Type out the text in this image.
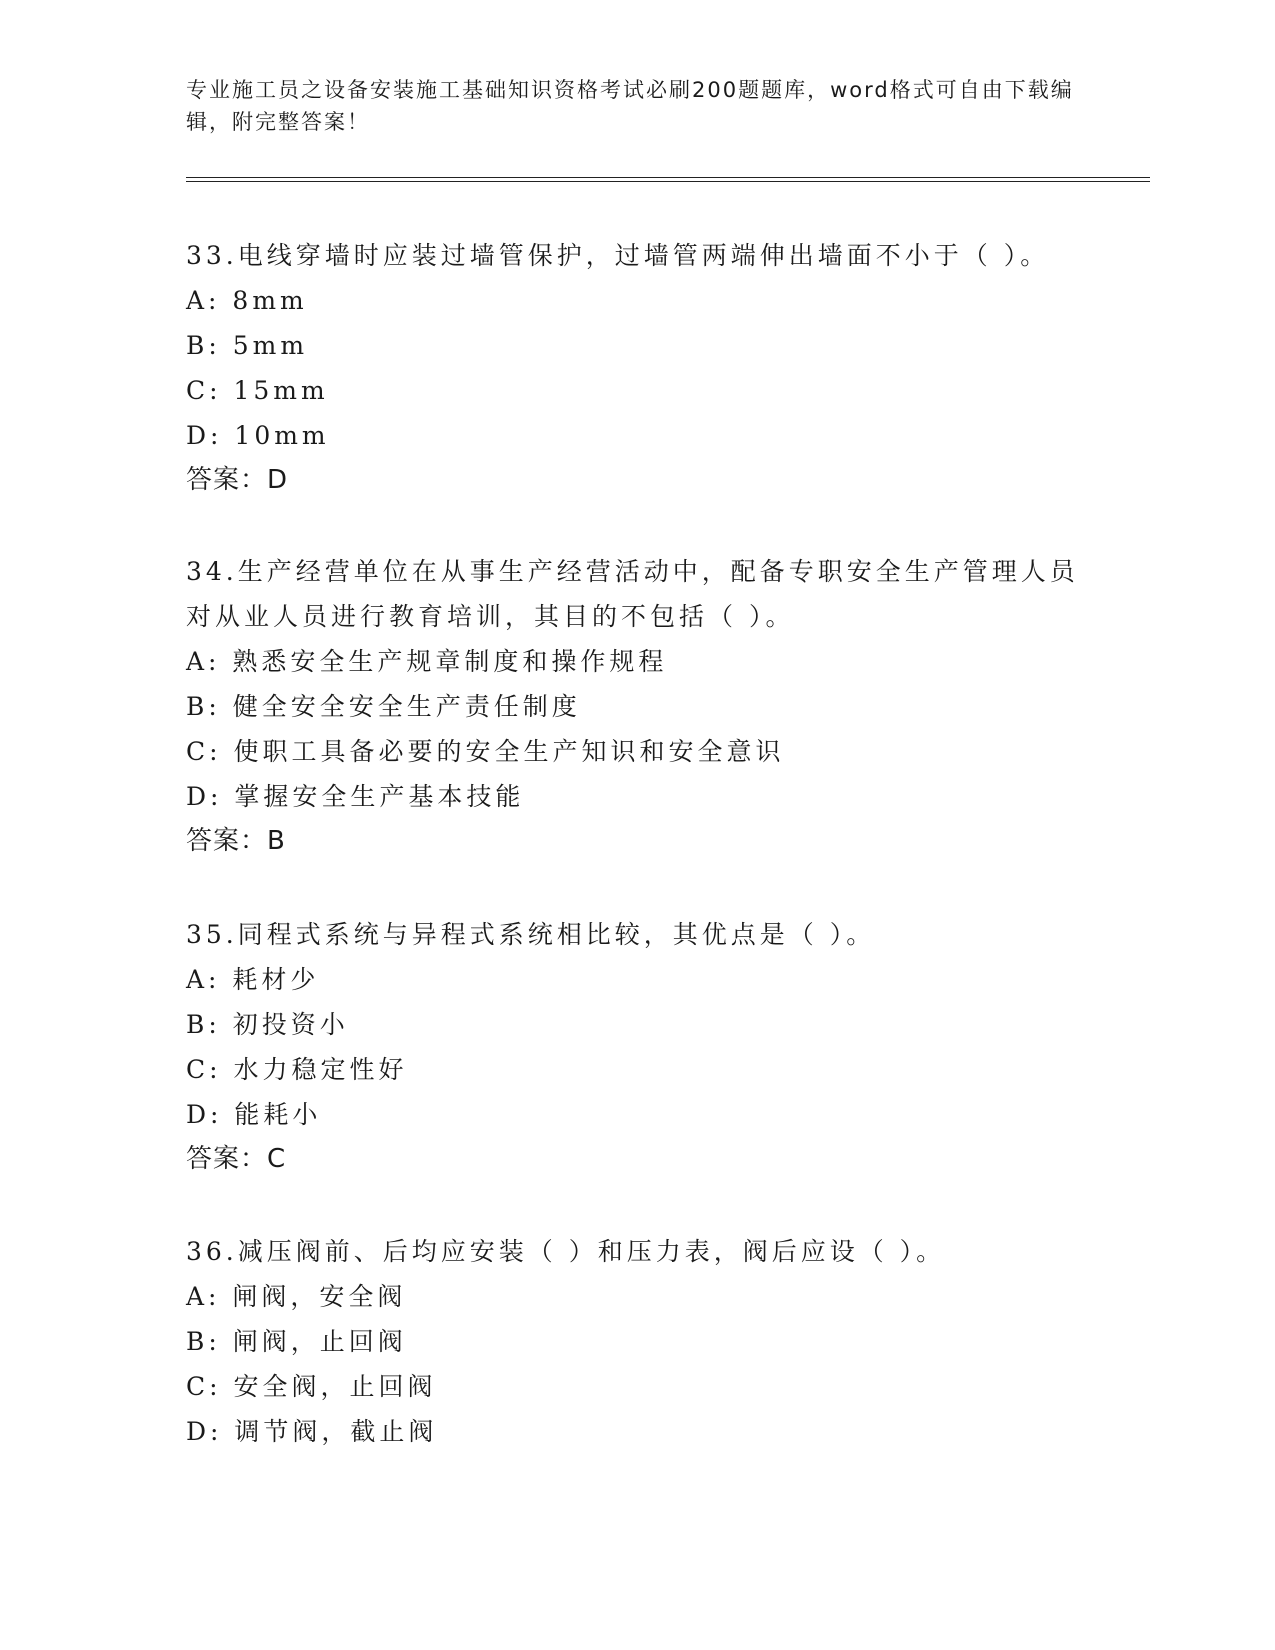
专业施工员之设备安装施工基础知识资格考试必刷200题题库，word格式可自由下载编辑，附完整答案！

33.电线穿墙时应装过墙管保护，过墙管两端伸出墙面不小于（ ）。

A: 8mm

B: 5mm

C: 15mm

D: 10mm

答案：D

34.生产经营单位在从事生产经营活动中，配备专职安全生产管理人员对从业人员进行教育培训，其目的不包括（ ）。

A: 熟悉安全生产规章制度和操作规程

B: 健全安全安全生产责任制度

C: 使职工具备必要的安全生产知识和安全意识

D: 掌握安全生产基本技能

答案：B

35.同程式系统与异程式系统相比较，其优点是（ ）。

A: 耗材少

B: 初投资小

C: 水力稳定性好

D: 能耗小

答案：C

36.减压阀前、后均应安装（ ）和压力表，阀后应设（ ）。

A: 闸阀，安全阀

B: 闸阀，止回阀

C: 安全阀，止回阀

D: 调节阀，截止阀
